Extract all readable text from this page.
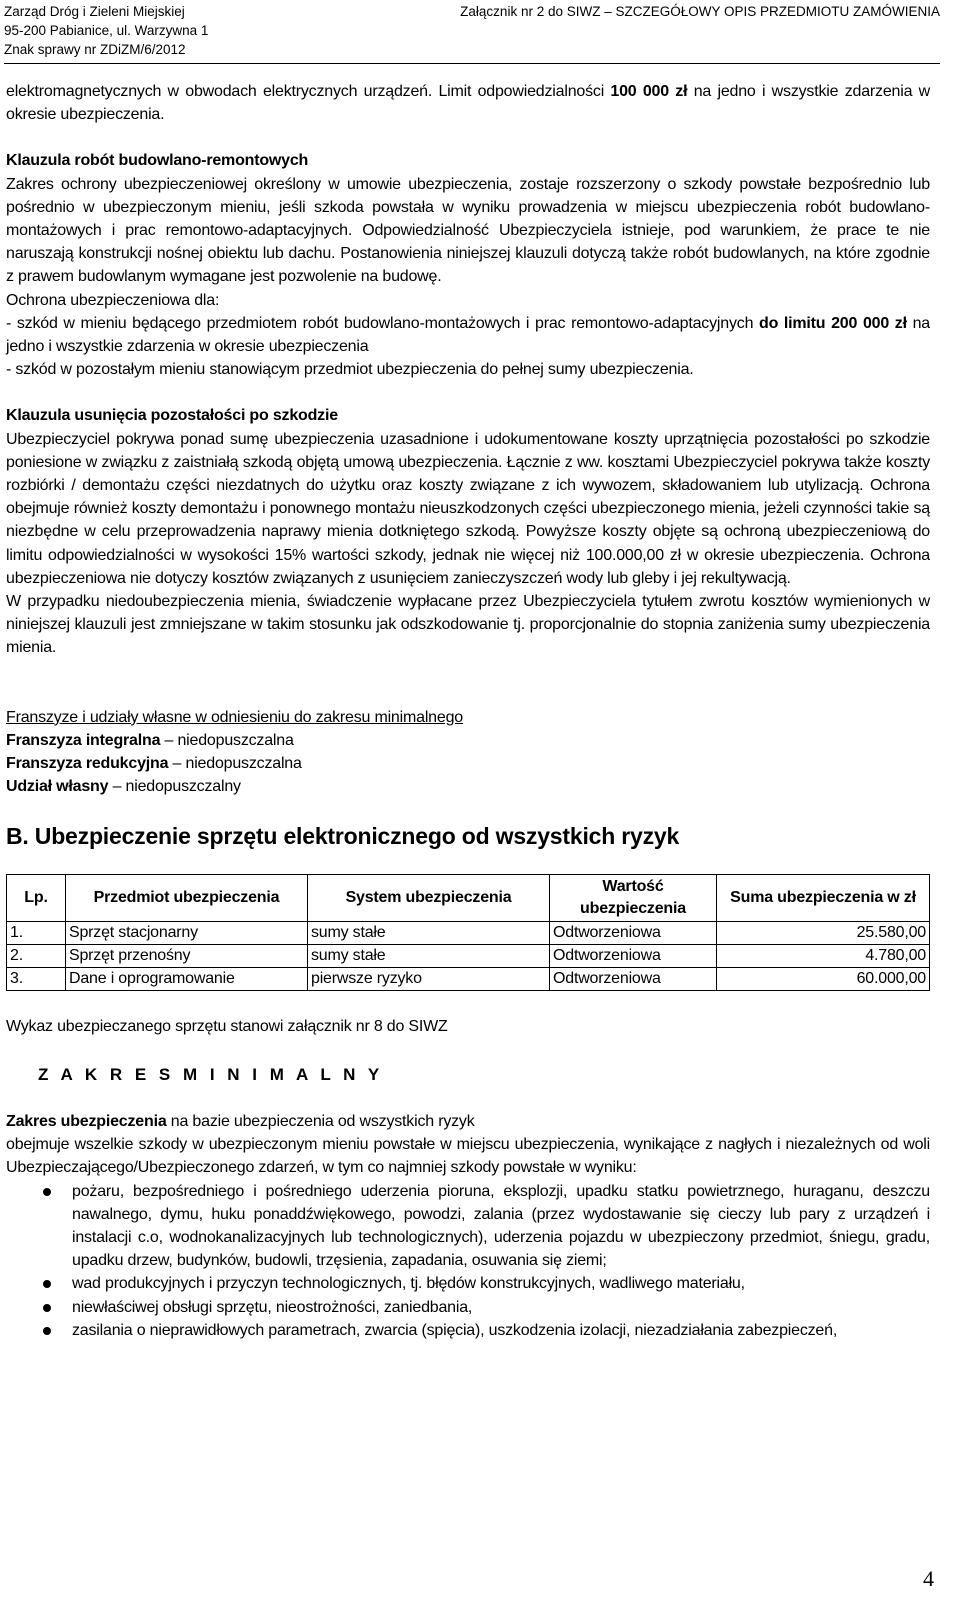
Zarząd Dróg i Zieleni Miejskiej
95-200 Pabianice, ul. Warzywna 1
Znak sprawy nr ZDiZM/6/2012
Załącznik nr 2 do SIWZ – SZCZEGÓŁOWY OPIS PRZEDMIOTU ZAMÓWIENIA

elektromagnetycznych w obwodach elektrycznych urządzeń. Limit odpowiedzialności 100 000 zł na jedno i wszystkie zdarzenia w okresie ubezpieczenia.

Klauzula robót budowlano-remontowych

Zakres ochrony ubezpieczeniowej określony w umowie ubezpieczenia, zostaje rozszerzony o szkody powstałe bezpośrednio lub pośrednio w ubezpieczonym mieniu, jeśli szkoda powstała w wyniku prowadzenia w miejscu ubezpieczenia robót budowlano-montażowych i prac remontowo-adaptacyjnych. Odpowiedzialność Ubezpieczyciela istnieje, pod warunkiem, że prace te nie naruszają konstrukcji nośnej obiektu lub dachu. Postanowienia niniejszej klauzuli dotyczą także robót budowlanych, na które zgodnie z prawem budowlanym wymagane jest pozwolenie na budowę.

Ochrona ubezpieczeniowa dla:

- szkód w mieniu będącego przedmiotem robót budowlano-montażowych i prac remontowo-adaptacyjnych do limitu 200 000 zł na jedno i wszystkie zdarzenia w okresie ubezpieczenia

- szkód w pozostałym mieniu stanowiącym przedmiot ubezpieczenia do pełnej sumy ubezpieczenia.

Klauzula usunięcia pozostałości po szkodzie

Ubezpieczyciel pokrywa ponad sumę ubezpieczenia uzasadnione i udokumentowane koszty uprzątnięcia pozostałości po szkodzie poniesione w związku z zaistniałą szkodą objętą umową ubezpieczenia. Łącznie z ww. kosztami Ubezpieczyciel pokrywa także koszty rozbiórki / demontażu części niezdatnych do użytku oraz koszty związane z ich wywozem, składowaniem lub utylizacją. Ochrona obejmuje również koszty demontażu i ponownego montażu nieuszkodzonych części ubezpieczonego mienia, jeżeli czynności takie są niezbędne w celu przeprowadzenia naprawy mienia dotkniętego szkodą. Powyższe koszty objęte są ochroną ubezpieczeniową do limitu odpowiedzialności w wysokości 15% wartości szkody, jednak nie więcej niż 100.000,00 zł w okresie ubezpieczenia. Ochrona ubezpieczeniowa nie dotyczy kosztów związanych z usunięciem zanieczyszczeń wody lub gleby i jej rekultywacją.

W przypadku niedoubezpieczenia mienia, świadczenie wypłacane przez Ubezpieczyciela tytułem zwrotu kosztów wymienionych w niniejszej klauzuli jest zmniejszane w takim stosunku jak odszkodowanie tj. proporcjonalnie do stopnia zaniżenia sumy ubezpieczenia mienia.

Franszyze i udziały własne w odniesieniu do zakresu minimalnego

Franszyza integralna – niedopuszczalna

Franszyza redukcyjna – niedopuszczalna

Udział własny – niedopuszczalny

B. Ubezpieczenie sprzętu elektronicznego od wszystkich ryzyk
Lp.	Przedmiot ubezpieczenia	System ubezpieczenia	Wartość ubezpieczenia	Suma ubezpieczenia w zł
1.	Sprzęt stacjonarny	sumy stałe	Odtworzeniowa	25.580,00
2.	Sprzęt przenośny	sumy stałe	Odtworzeniowa	4.780,00
3.	Dane i oprogramowanie	pierwsze ryzyko	Odtworzeniowa	60.000,00

Wykaz ubezpieczanego sprzętu stanowi załącznik nr 8 do SIWZ

Z A K R E S M I N I M A L N Y

Zakres ubezpieczenia na bazie ubezpieczenia od wszystkich ryzyk

obejmuje wszelkie szkody w ubezpieczonym mieniu powstałe w miejscu ubezpieczenia, wynikające z nagłych i niezależnych od woli Ubezpieczającego/Ubezpieczonego zdarzeń, w tym co najmniej szkody powstałe w wyniku:

pożaru, bezpośredniego i pośredniego uderzenia pioruna, eksplozji, upadku statku powietrznego, huraganu, deszczu nawalnego, dymu, huku ponaddźwiękowego, powodzi, zalania (przez wydostawanie się cieczy lub pary z urządzeń i instalacji c.o, wodnokanalizacyjnych lub technologicznych), uderzenia pojazdu w ubezpieczony przedmiot, śniegu, gradu, upadku drzew, budynków, budowli, trzęsienia, zapadania, osuwania się ziemi;
wad produkcyjnych i przyczyn technologicznych, tj. błędów konstrukcyjnych, wadliwego materiału,
niewłaściwej obsługi sprzętu, nieostrożności, zaniedbania,
zasilania o nieprawidłowych parametrach, zwarcia (spięcia), uszkodzenia izolacji, niezadziałania zabezpieczeń,
4
